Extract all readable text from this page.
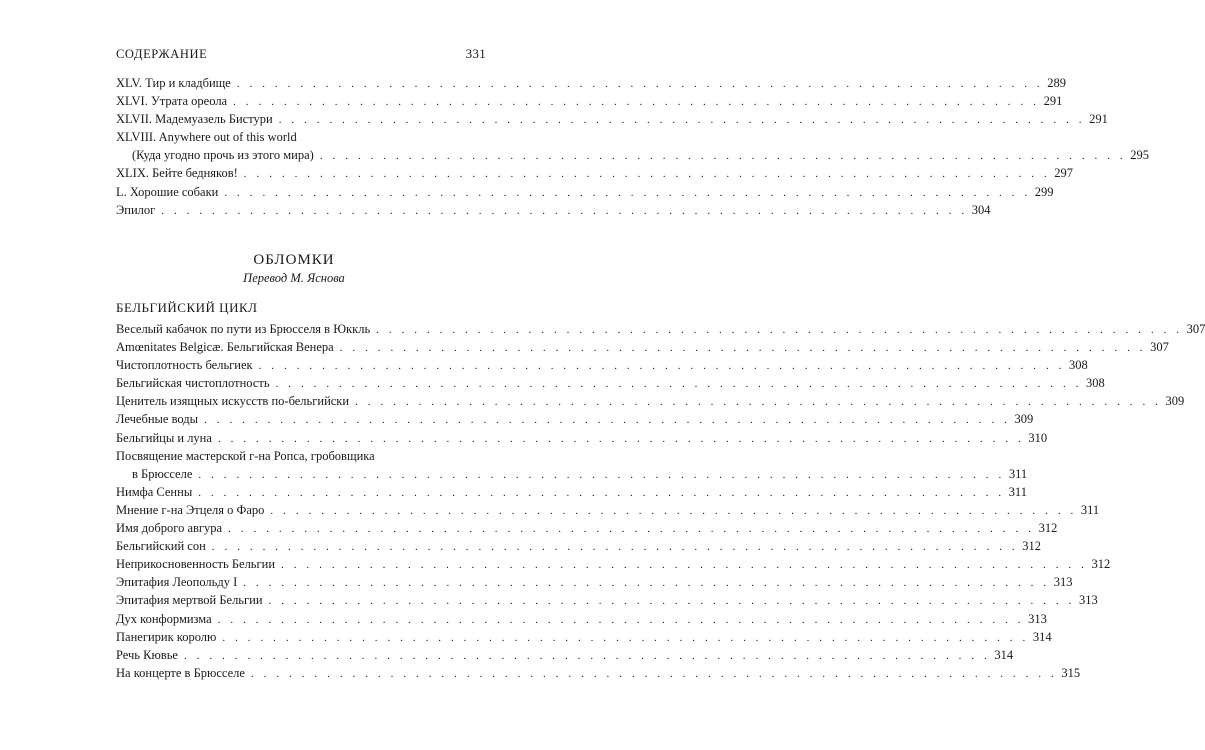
СОДЕРЖАНИЕ	331
XLV. Тир и кладбище . . . . . . . . . . . . . . . . . . . . . . . . . . . . . . . . . . . . . . . . . . . . . . . . . . . . . . . . . . . . . . . . 289
XLVI. Утрата ореола . . . . . . . . . . . . . . . . . . . . . . . . . . . . . . . . . . . . . . . . . . . . . . . . . . . . . . . . . . . . . . . . 291
XLVII. Мадемуазель Бистури . . . . . . . . . . . . . . . . . . . . . . . . . . . . . . . . . . . . . . . . . . . . . . . . . . . . . . . . . . . . . . . . 291
XLVIII. Anywhere out of this world
(Куда угодно прочь из этого мира) . . . . . . . . . . . . . . . . . . . . . . . . . . . . . . . . . . . . . . . . . . . . . . . . . . . . . . . . . . . . . . . . 295
XLIX. Бейте бедняков! . . . . . . . . . . . . . . . . . . . . . . . . . . . . . . . . . . . . . . . . . . . . . . . . . . . . . . . . . . . . . . . . 297
L. Хорошие собаки . . . . . . . . . . . . . . . . . . . . . . . . . . . . . . . . . . . . . . . . . . . . . . . . . . . . . . . . . . . . . . . . 299
Эпилог . . . . . . . . . . . . . . . . . . . . . . . . . . . . . . . . . . . . . . . . . . . . . . . . . . . . . . . . . . . . . . . . 304
ОБЛОМКИ
Перевод М. Яснова
БЕЛЬГИЙСКИЙ ЦИКЛ
Веселый кабачок по пути из Брюсселя в Юккль . . . . . . . . . . . . . . . . . . . . . . . . . . . . . . . . . . . . . . . . . . . . . . . . . . . . . . . . . . . . . . . . 307
Amœnitates Belgicæ. Бельгийская Венера . . . . . . . . . . . . . . . . . . . . . . . . . . . . . . . . . . . . . . . . . . . . . . . . . . . . . . . . . . . . . . . . 307
Чистоплотность бельгиек . . . . . . . . . . . . . . . . . . . . . . . . . . . . . . . . . . . . . . . . . . . . . . . . . . . . . . . . . . . . . . . . 308
Бельгийская чистоплотность . . . . . . . . . . . . . . . . . . . . . . . . . . . . . . . . . . . . . . . . . . . . . . . . . . . . . . . . . . . . . . . . 308
Ценитель изящных искусств по-бельгийски . . . . . . . . . . . . . . . . . . . . . . . . . . . . . . . . . . . . . . . . . . . . . . . . . . . . . . . . . . . . . . . . 309
Лечебные воды . . . . . . . . . . . . . . . . . . . . . . . . . . . . . . . . . . . . . . . . . . . . . . . . . . . . . . . . . . . . . . . . 309
Бельгийцы и луна . . . . . . . . . . . . . . . . . . . . . . . . . . . . . . . . . . . . . . . . . . . . . . . . . . . . . . . . . . . . . . . . 310
Посвящение мастерской г-на Ропса, гробовщика
в Брюсселе . . . . . . . . . . . . . . . . . . . . . . . . . . . . . . . . . . . . . . . . . . . . . . . . . . . . . . . . . . . . . . . . 311
Нимфа Сенны . . . . . . . . . . . . . . . . . . . . . . . . . . . . . . . . . . . . . . . . . . . . . . . . . . . . . . . . . . . . . . . . 311
Мнение г-на Этцеля о Фаро . . . . . . . . . . . . . . . . . . . . . . . . . . . . . . . . . . . . . . . . . . . . . . . . . . . . . . . . . . . . . . . . 311
Имя доброго авгура . . . . . . . . . . . . . . . . . . . . . . . . . . . . . . . . . . . . . . . . . . . . . . . . . . . . . . . . . . . . . . . . 312
Бельгийский сон . . . . . . . . . . . . . . . . . . . . . . . . . . . . . . . . . . . . . . . . . . . . . . . . . . . . . . . . . . . . . . . . 312
Неприкосновенность Бельгии . . . . . . . . . . . . . . . . . . . . . . . . . . . . . . . . . . . . . . . . . . . . . . . . . . . . . . . . . . . . . . . . 312
Эпитафия Леопольду I . . . . . . . . . . . . . . . . . . . . . . . . . . . . . . . . . . . . . . . . . . . . . . . . . . . . . . . . . . . . . . . . 313
Эпитафия мертвой Бельгии . . . . . . . . . . . . . . . . . . . . . . . . . . . . . . . . . . . . . . . . . . . . . . . . . . . . . . . . . . . . . . . . 313
Дух конформизма . . . . . . . . . . . . . . . . . . . . . . . . . . . . . . . . . . . . . . . . . . . . . . . . . . . . . . . . . . . . . . . . 313
Панегирик королю . . . . . . . . . . . . . . . . . . . . . . . . . . . . . . . . . . . . . . . . . . . . . . . . . . . . . . . . . . . . . . . . 314
Речь Кювье . . . . . . . . . . . . . . . . . . . . . . . . . . . . . . . . . . . . . . . . . . . . . . . . . . . . . . . . . . . . . . . . 314
На концерте в Брюсселе . . . . . . . . . . . . . . . . . . . . . . . . . . . . . . . . . . . . . . . . . . . . . . . . . . . . . . . . . . . . . . . . 315
